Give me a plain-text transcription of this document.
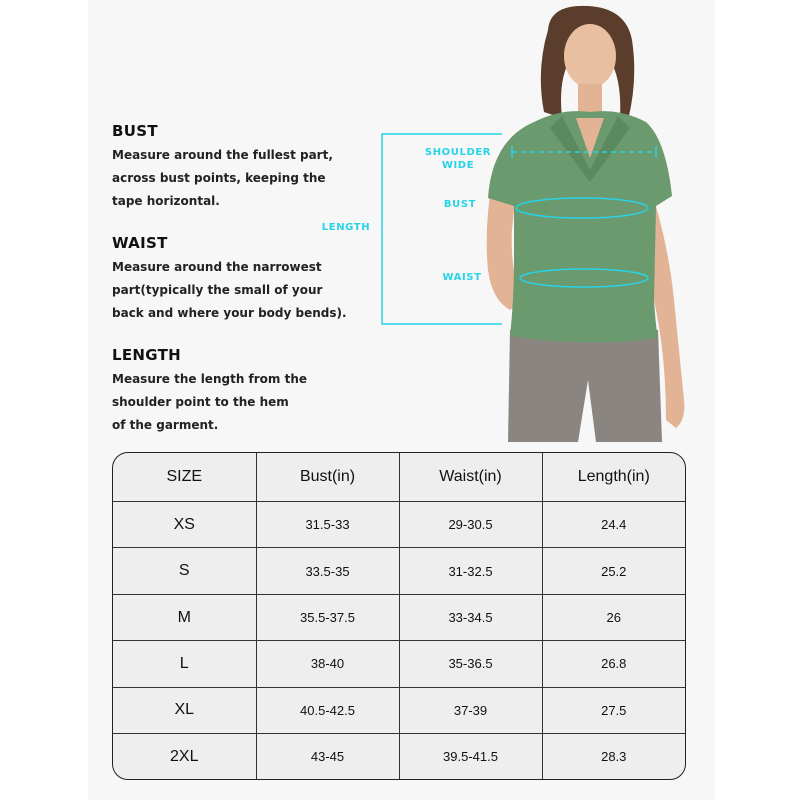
BUST

Measure around the fullest part,

across bust points, keeping the

tape horizontal.

WAIST

Measure around the narrowest

part(typically the small of your

back and where your body bends).

LENGTH

Measure the length from the

shoulder point to the hem

of the garment.

SHOULDER
WIDE
BUST
WAIST
LENGTH
SIZE	Bust(in)	Waist(in)	Length(in)
XS	31.5-33	29-30.5	24.4
S	33.5-35	31-32.5	25.2
M	35.5-37.5	33-34.5	26
L	38-40	35-36.5	26.8
XL	40.5-42.5	37-39	27.5
2XL	43-45	39.5-41.5	28.3
